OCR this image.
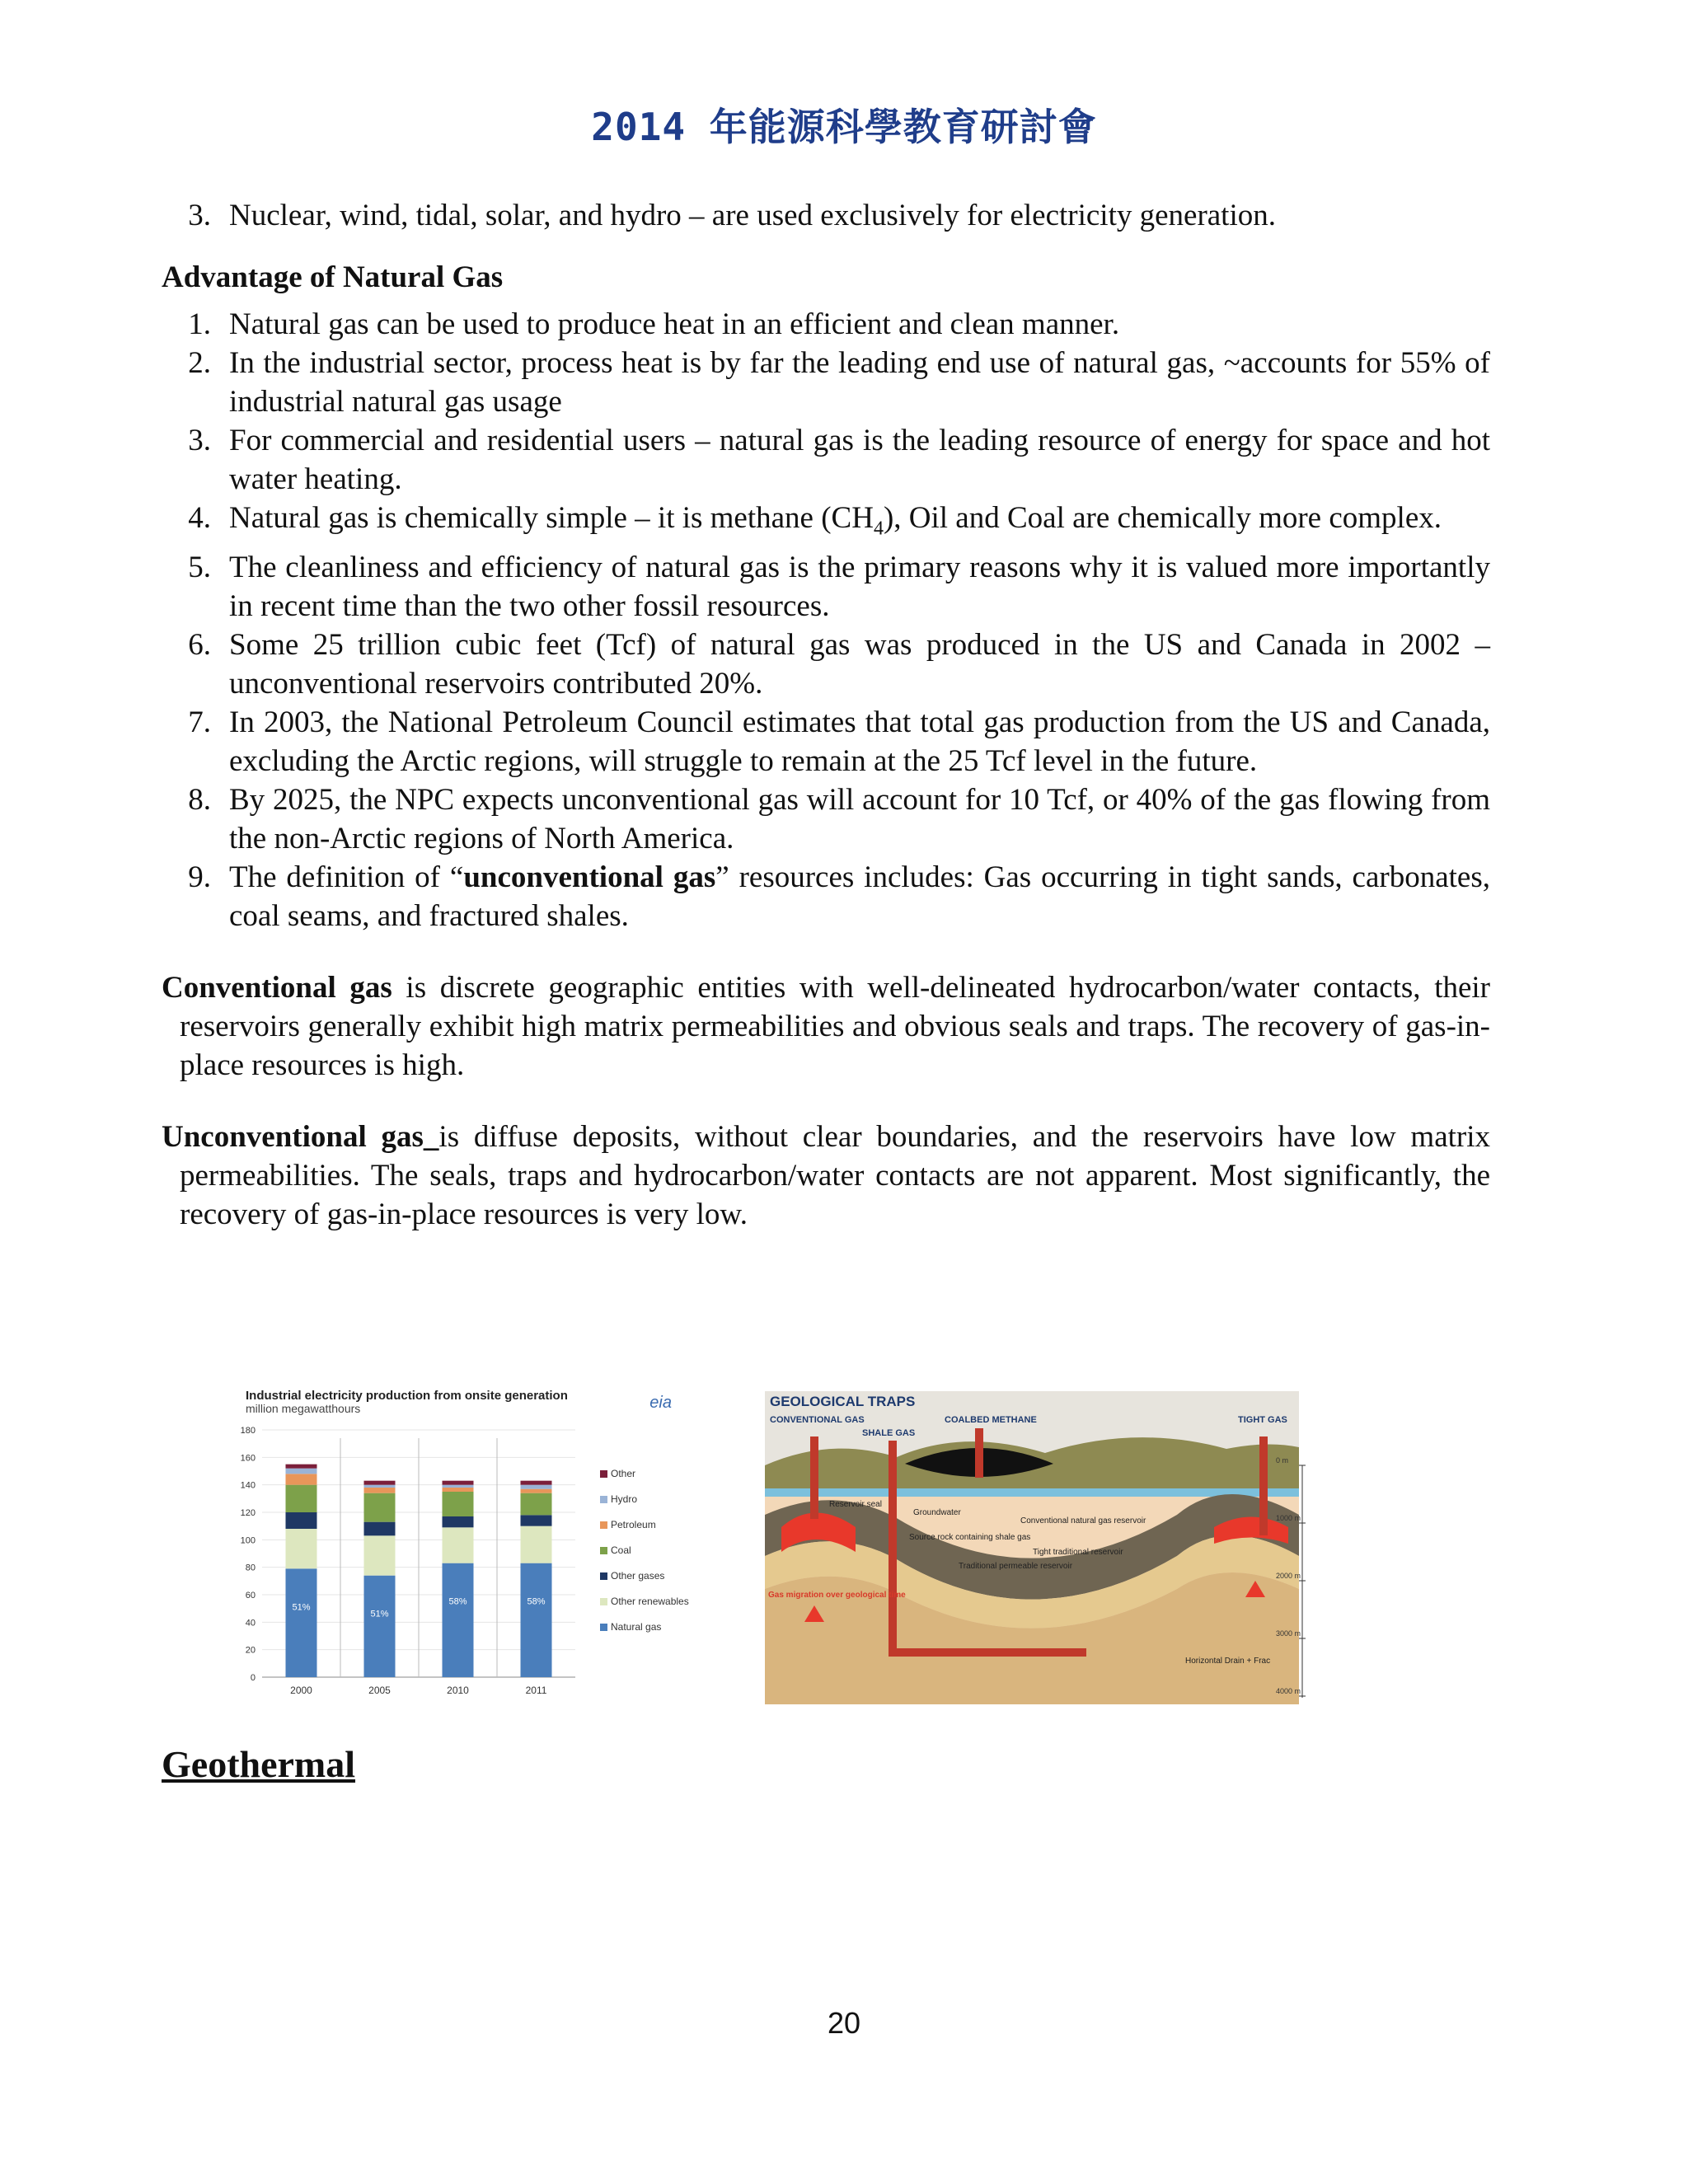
2014 年能源科學教育研討會
3. Nuclear, wind, tidal, solar, and hydro – are used exclusively for electricity generation.
Advantage of Natural Gas
1. Natural gas can be used to produce heat in an efficient and clean manner.
2. In the industrial sector, process heat is by far the leading end use of natural gas, ~accounts for 55% of industrial natural gas usage
3. For commercial and residential users – natural gas is the leading resource of energy for space and hot water heating.
4. Natural gas is chemically simple – it is methane $(CH_4)$, Oil and Coal are chemically more complex.
5. The cleanliness and efficiency of natural gas is the primary reasons why it is valued more importantly in recent time than the two other fossil resources.
6. Some 25 trillion cubic feet (Tcf) of natural gas was produced in the US and Canada in 2002 – unconventional reservoirs contributed 20%.
7. In 2003, the National Petroleum Council estimates that total gas production from the US and Canada, excluding the Arctic regions, will struggle to remain at the 25 Tcf level in the future.
8. By 2025, the NPC expects unconventional gas will account for 10 Tcf, or 40% of the gas flowing from the non-Arctic regions of North America.
9. The definition of “unconventional gas” resources includes: Gas occurring in tight sands, carbonates, coal seams, and fractured shales.
Conventional gas is discrete geographic entities with well-delineated hydrocarbon/water contacts, their reservoirs generally exhibit high matrix permeabilities and obvious seals and traps. The recovery of gas-in-place resources is high.
Unconventional gas_is diffuse deposits, without clear boundaries, and the reservoirs have low matrix permeabilities. The seals, traps and hydrocarbon/water contacts are not apparent. Most significantly, the recovery of gas-in-place resources is very low.
Industrial electricity production from onsite generation
million megawatthours	eia
0
20
40
60
80
100
120
140
160
180
2000	2005	2010	2011
51%
51%
58%	58%
Other
Hydro
Petroleum
Coal
Other gases
Other renewables
Natural gas
GEOLOGICAL TRAPS
CONVENTIONAL GAS
SHALE GAS
COALBED METHANE	TIGHT GAS
Reservoir seal
Groundwater
Conventional natural gas reservoir
Source rock containing shale gas
Tight traditional reservoir
Traditional permeable reservoir
Gas migration over geological time
Horizontal Drain + Frac
0 m
1000 m
2000 m
3000 m
4000 m
Geothermal
20
